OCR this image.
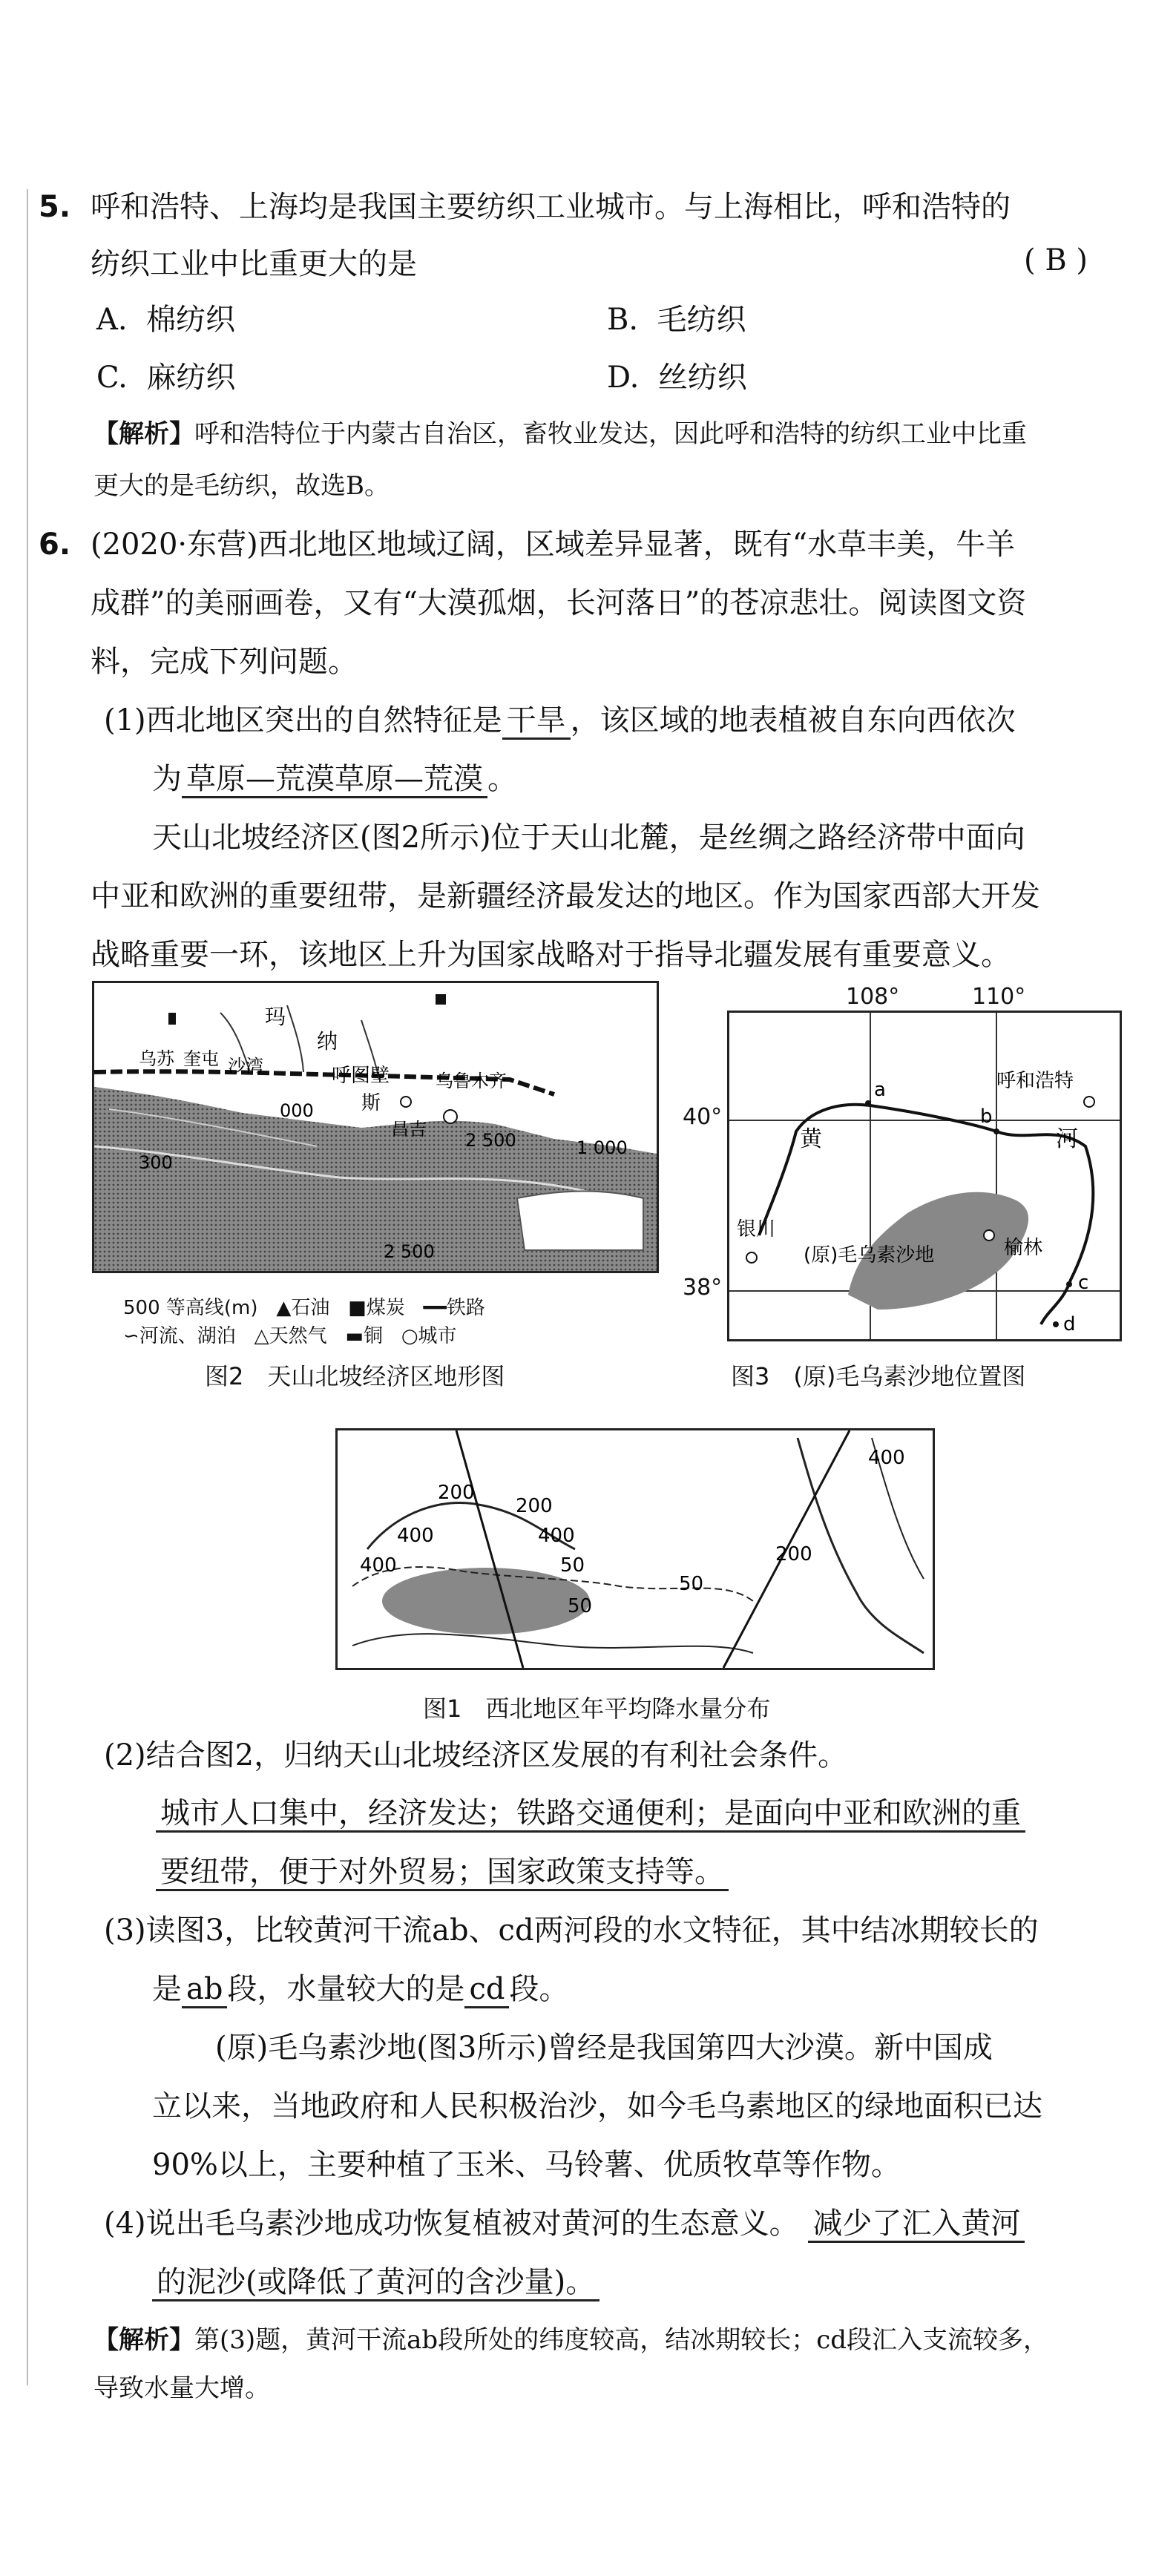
5. 呼和浩特、上海均是我国主要纺织工业城市。与上海相比，呼和浩特的
纺织工业中比重更大的是	( B )
A. 棉纺织	B. 毛纺织
C. 麻纺织	D. 丝纺织
【解析】呼和浩特位于内蒙古自治区，畜牧业发达，因此呼和浩特的纺织工业中比重
更大的是毛纺织，故选B。
6. (2020·东营)西北地区地域辽阔，区域差异显著，既有“水草丰美，牛羊
成群”的美丽画卷，又有“大漠孤烟，长河落日”的苍凉悲壮。阅读图文资
料，完成下列问题。
(1)西北地区突出的自然特征是 干旱 ，该区域的地表植被自东向西依次
为 草原—荒漠草原—荒漠 。
天山北坡经济区(图2所示)位于天山北麓，是丝绸之路经济带中面向
中亚和欧洲的重要纽带，是新疆经济最发达的地区。作为国家西部大开发
战略重要一环，该地区上升为国家战略对于指导北疆发展有重要意义。
玛
纳
乌苏 奎屯 沙湾
斯
呼图壁
昌吉
乌鲁木齐
2 500	1 000
000
300
2 500
500 等高线(m) ▲石油 ■煤炭 ━━铁路
∽河流、湖泊 △天然气 ▬铜 ○城市
图2　天山北坡经济区地形图
呼和浩特
黄	河
银川
(原)毛乌素沙地	榆林
a
b
c
d
108°	110°
40°
38°
图3　(原)毛乌素沙地位置图
200
400
200
400
50
400
50
50
200
400
图1　西北地区年平均降水量分布
(2)结合图2，归纳天山北坡经济区发展的有利社会条件。
城市人口集中，经济发达；铁路交通便利；是面向中亚和欧洲的重
要纽带，便于对外贸易；国家政策支持等。
(3)读图3，比较黄河干流ab、cd两河段的水文特征，其中结冰期较长的
是 ab 段，水量较大的是 cd 段。
(原)毛乌素沙地(图3所示)曾经是我国第四大沙漠。新中国成
立以来，当地政府和人民积极治沙，如今毛乌素地区的绿地面积已达
90%以上，主要种植了玉米、马铃薯、优质牧草等作物。
(4)说出毛乌素沙地成功恢复植被对黄河的生态意义。 减少了汇入黄河
的泥沙(或降低了黄河的含沙量)。
【解析】第(3)题，黄河干流ab段所处的纬度较高，结冰期较长；cd段汇入支流较多，
导致水量大增。
